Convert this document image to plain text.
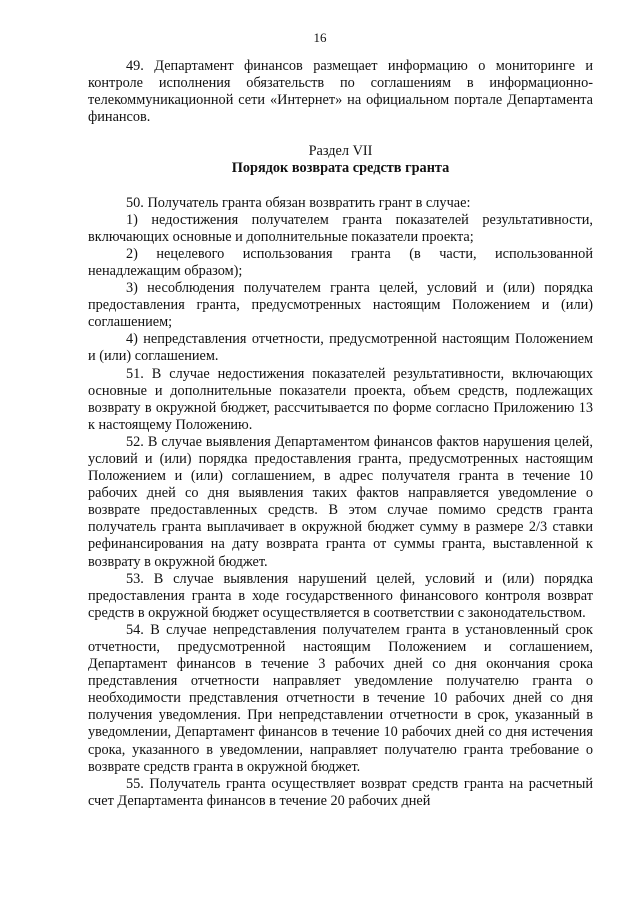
16

49. Департамент финансов размещает информацию о мониторинге и контроле исполнения обязательств по соглашениям в информационно-телекоммуникационной сети «Интернет» на официальном портале Департамента финансов.

Раздел VII

Порядок возврата средств гранта

50. Получатель гранта обязан возвратить грант в случае:

1) недостижения получателем гранта показателей результативности, включающих основные и дополнительные показатели проекта;

2) нецелевого использования гранта (в части, использованной ненадлежащим образом);

3) несоблюдения получателем гранта целей, условий и (или) порядка предоставления гранта, предусмотренных настоящим Положением и (или) соглашением;

4) непредставления отчетности, предусмотренной настоящим Положением и (или) соглашением.

51. В случае недостижения показателей результативности, включающих основные и дополнительные показатели проекта, объем средств, подлежащих возврату в окружной бюджет, рассчитывается по форме согласно Приложению 13 к настоящему Положению.

52. В случае выявления Департаментом финансов фактов нарушения целей, условий и (или) порядка предоставления гранта, предусмотренных настоящим Положением и (или) соглашением, в адрес получателя гранта в течение 10 рабочих дней со дня выявления таких фактов направляется уведомление о возврате предоставленных средств. В этом случае помимо средств гранта получатель гранта выплачивает в окружной бюджет сумму в размере 2/3 ставки рефинансирования на дату возврата гранта от суммы гранта, выставленной к возврату в окружной бюджет.

53. В случае выявления нарушений целей, условий и (или) порядка предоставления гранта в ходе государственного финансового контроля возврат средств в окружной бюджет осуществляется в соответствии с законодательством.

54. В случае непредставления получателем гранта в установленный срок отчетности, предусмотренной настоящим Положением и соглашением, Департамент финансов в течение 3 рабочих дней со дня окончания срока представления отчетности направляет уведомление получателю гранта о необходимости представления отчетности в течение 10 рабочих дней со дня получения уведомления. При непредставлении отчетности в срок, указанный в уведомлении, Департамент финансов в течение 10 рабочих дней со дня истечения срока, указанного в уведомлении, направляет получателю гранта требование о возврате средств гранта в окружной бюджет.

55. Получатель гранта осуществляет возврат средств гранта на расчетный счет Департамента финансов в течение 20 рабочих дней
